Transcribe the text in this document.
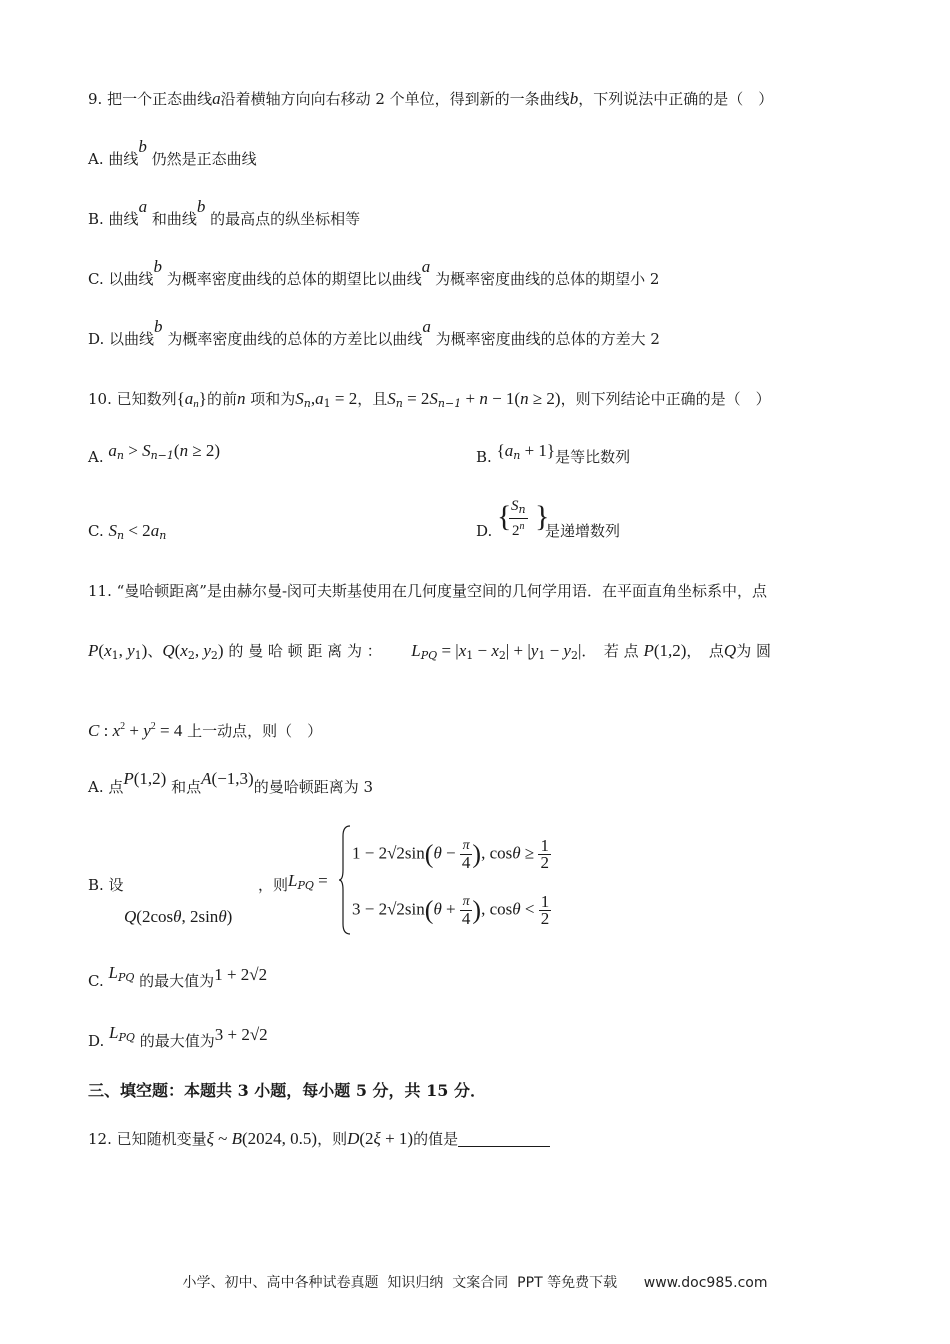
9. 把一个正态曲线a沿着横轴方向向右移动 2 个单位，得到新的一条曲线b，下列说法中正确的是（　）
A. 曲线b 仍然是正态曲线
B. 曲线a 和曲线b 的最高点的纵坐标相等
C. 以曲线b 为概率密度曲线的总体的期望比以曲线a 为概率密度曲线的总体的期望小 2
D. 以曲线b 为概率密度曲线的总体的方差比以曲线a 为概率密度曲线的总体的方差大 2
10. 已知数列$\{a_n\}$的前n 项和为$S_n,a_1 = 2$，且$S_n = 2S_{n-1} + n - 1(n \ge 2)$，则下列结论中正确的是（　）
A. $a^n > S^{n-1}(n \ge 2)$	B. $\{a^n + 1\}$是等比数列
C. $S_n < 2a_n$	D. {
$\frac{S_n}{2^n}$ }
是递增数列
11. “曼哈顿距离”是由赫尔曼-闵可夫斯基使用在几何度量空间的几何学用语．在平面直角坐标系中，点
$P(x_1$, $y_1$)、$Q(x_2$, $y_2$) 的 曼 哈 顿 距 离 为 ： $L_{PQ} = |x_1 - x_2| + |y_1 - y_2|$．　若 点 P(1,2)，　点Q为 圆
C : $x^2 + y^2 = 4$ 上一动点，则（　）
A. 点P(1,2) 和点A(−1,3)的曼哈顿距离为 3
B. 设
Q(2cosθ, 2sinθ)
，则$L_{PQ}$ =
$1 - 2√2\sin(\theta - \frac{\pi}{4}$ ), $\cos\theta \ge \frac{1}{2}$
$3 - 2√2\sin(\theta + \frac{\pi}{4}$ ), $\cos\theta < \frac{1}{2}$
C. $L^{PQ}$ 的最大值为1 + 2√2
D. $L^{PQ}$ 的最大值为3 + 2√2
三、填空题：本题共 3 小题，每小题 5 分，共 15 分．
12. 已知随机变量ξ ~ B(2024, 0.5)，则D(2ξ + 1)的值是
小学、初中、高中各种试卷真题  知识归纳  文案合同  PPT 等免费下载      www.doc985.com
